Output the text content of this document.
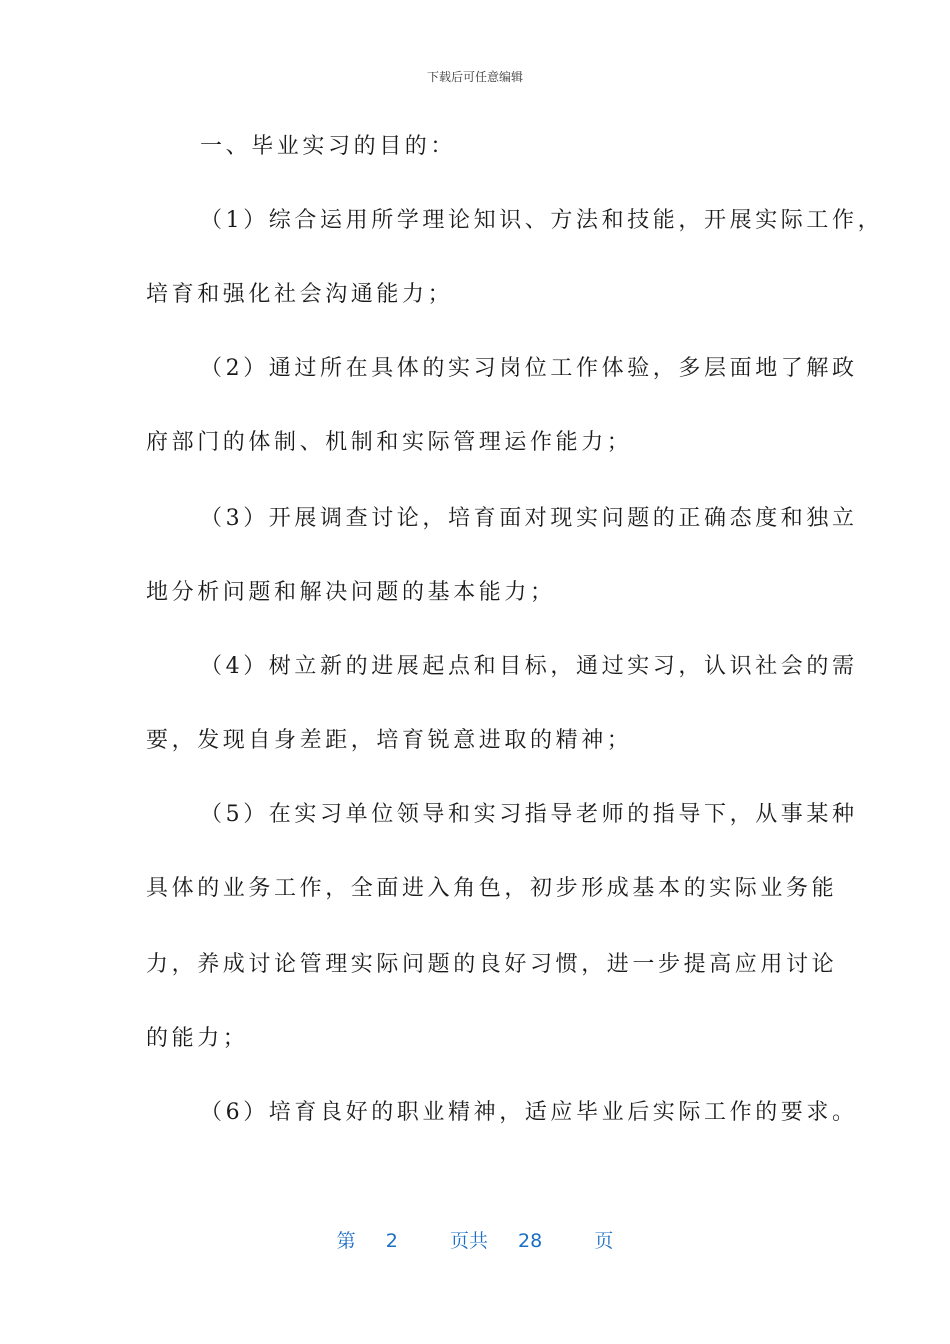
下载后可任意编辑
一、毕业实习的目的：
（1）综合运用所学理论知识、方法和技能，开展实际工作，
培育和强化社会沟通能力；
（2）通过所在具体的实习岗位工作体验，多层面地了解政
府部门的体制、机制和实际管理运作能力；
（3）开展调查讨论，培育面对现实问题的正确态度和独立
地分析问题和解决问题的基本能力；
（4）树立新的进展起点和目标，通过实习，认识社会的需
要，发现自身差距，培育锐意进取的精神；
（5）在实习单位领导和实习指导老师的指导下，从事某种
具体的业务工作，全面进入角色，初步形成基本的实际业务能
力，养成讨论管理实际问题的良好习惯，进一步提高应用讨论
的能力；
（6）培育良好的职业精神，适应毕业后实际工作的要求。
第 2	页共 28	页
